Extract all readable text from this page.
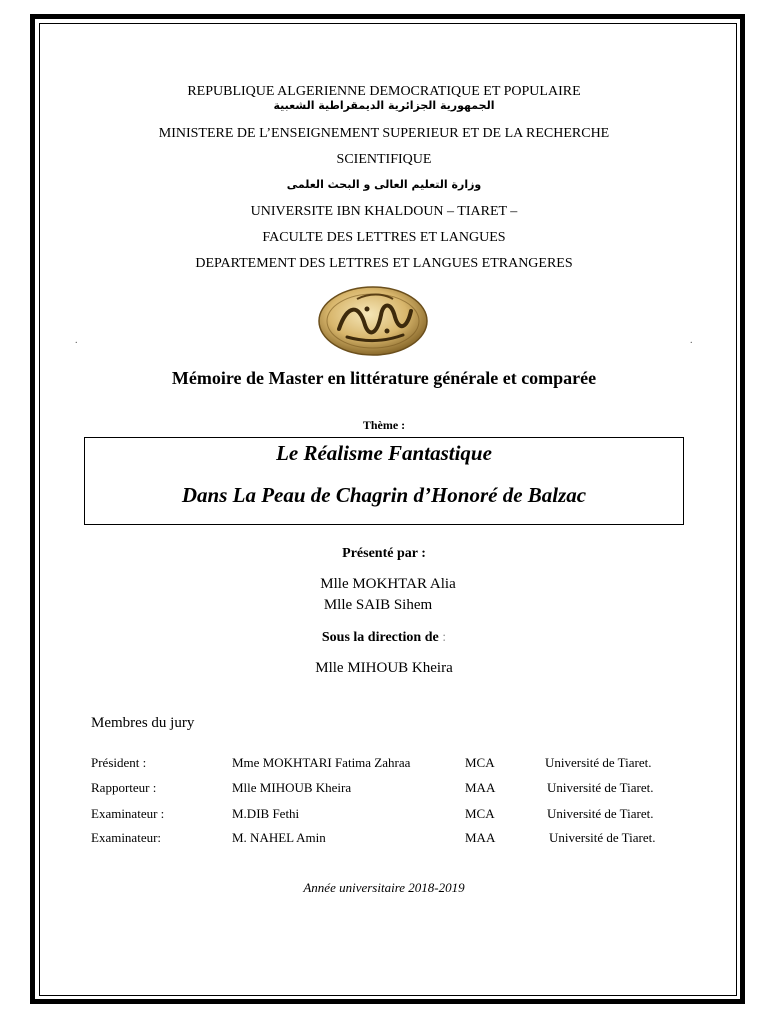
REPUBLIQUE ALGERIENNE DEMOCRATIQUE ET POPULAIRE
الجمهورية الجزائرية الديمقراطية الشعبية
MINISTERE DE L’ENSEIGNEMENT SUPERIEUR ET DE LA RECHERCHE
SCIENTIFIQUE
وزارة التعليم العالى و البحث العلمى
UNIVERSITE IBN KHALDOUN – TIARET –
FACULTE DES LETTRES ET LANGUES
DEPARTEMENT DES LETTRES ET LANGUES ETRANGERES
.	.
Mémoire de Master en littérature générale et comparée
Thème :
Le Réalisme Fantastique
Dans La Peau de Chagrin d’Honoré de Balzac
Présenté par :
Mlle MOKHTAR Alia
Mlle SAIB Sihem
Sous la direction de :
Mlle MIHOUB Kheira
Membres du jury
Président :	Mme MOKHTARI Fatima Zahraa	MCA	Université de Tiaret.
Rapporteur :	Mlle MIHOUB Kheira	MAA	Université de Tiaret.
Examinateur :	M.DIB Fethi	MCA	Université de Tiaret.
Examinateur:	M. NAHEL Amin	MAA	Université de Tiaret.
Année universitaire 2018-2019
